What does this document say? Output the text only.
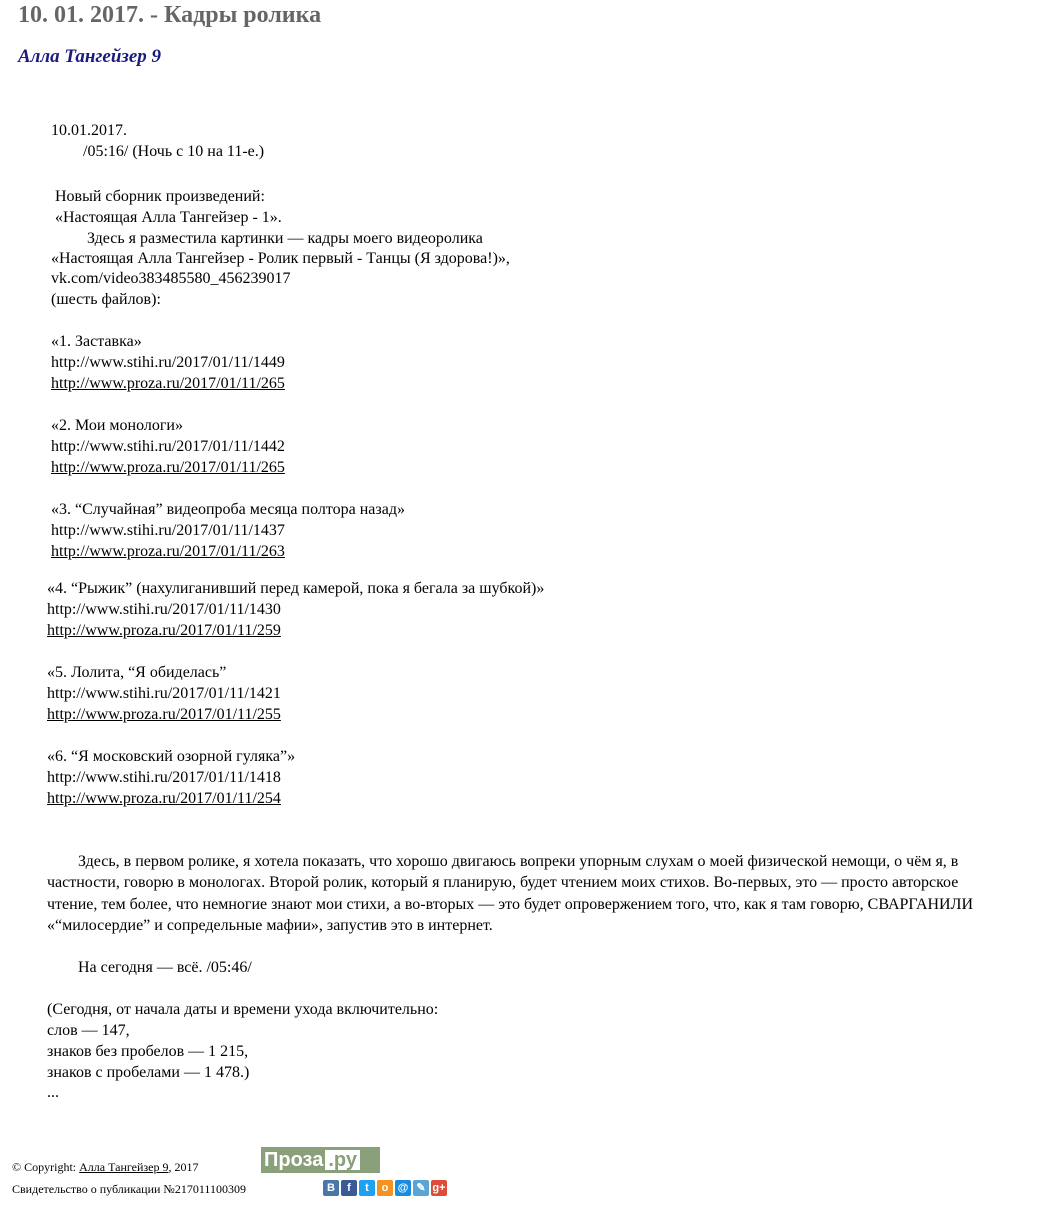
10. 01. 2017. - Кадры ролика
Алла Тангейзер 9
10.01.2017.
/05:16/ (Ночь с 10 на 11-е.)
Новый сборник произведений:
«Настоящая Алла Тангейзер - 1».
Здесь я разместила картинки — кадры моего видеоролика
«Настоящая Алла Тангейзер - Ролик первый - Танцы (Я здорова!)»,
vk.com/video383485580_456239017
(шесть файлов):
«1. Заставка»
http://www.stihi.ru/2017/01/11/1449
http://www.proza.ru/2017/01/11/265
«2. Мои монологи»
http://www.stihi.ru/2017/01/11/1442
http://www.proza.ru/2017/01/11/265
«3. “Случайная” видеопроба месяца полтора назад»
http://www.stihi.ru/2017/01/11/1437
http://www.proza.ru/2017/01/11/263
«4. “Рыжик” (нахулиганивший перед камерой, пока я бегала за шубкой)»
http://www.stihi.ru/2017/01/11/1430
http://www.proza.ru/2017/01/11/259
«5. Лолита, “Я обиделась”
http://www.stihi.ru/2017/01/11/1421
http://www.proza.ru/2017/01/11/255
«6. “Я московский озорной гуляка”»
http://www.stihi.ru/2017/01/11/1418
http://www.proza.ru/2017/01/11/254
Здесь, в первом ролике, я хотела показать, что хорошо двигаюсь вопреки упорным слухам о моей физической немощи, о чём я, в частности, говорю в монологах. Второй ролик, который я планирую, будет чтением моих стихов. Во-первых, это — просто авторское чтение, тем более, что немногие знают мои стихи, а во-вторых — это будет опровержением того, что, как я там говорю, СВАРГАНИЛИ «“милосердие” и сопредельные мафии», запустив это в интернет.
На сегодня — всё. /05:46/
(Сегодня, от начала даты и времени ухода включительно:
слов — 147,
знаков без пробелов — 1 215,
знаков с пробелами — 1 478.)
...
© Copyright: Алла Тангейзер 9, 2017
Свидетельство о публикации №217011100309
Проза .ру
В	f	t	о @ ✎ g+
